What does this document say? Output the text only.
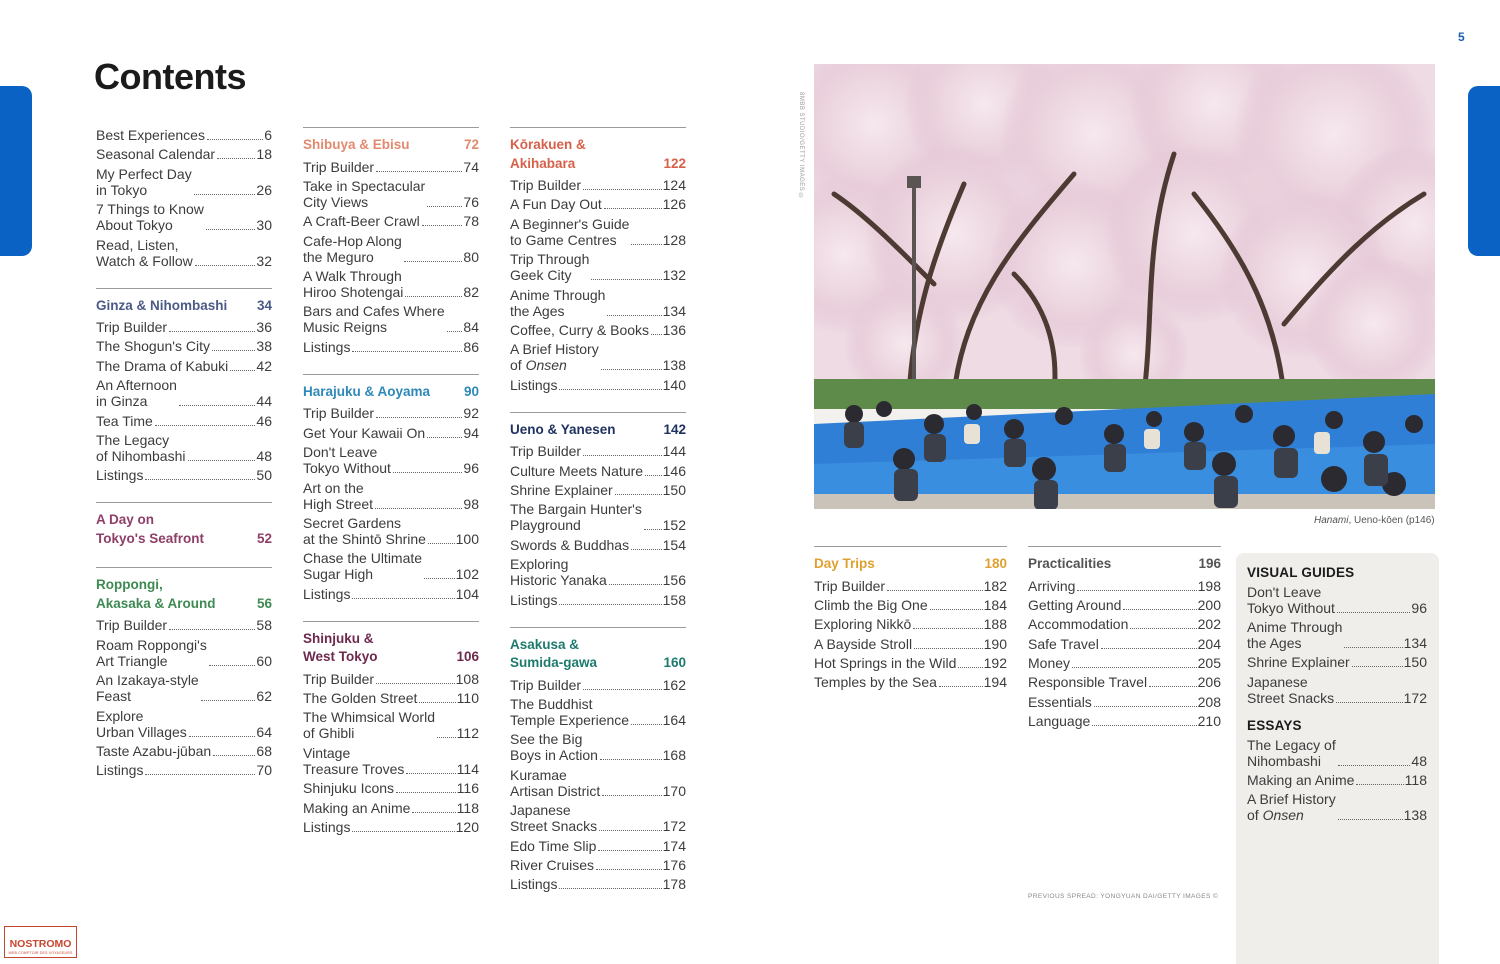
5
Contents
Best Experiences	6
Seasonal Calendar	18
My Perfect Day
in Tokyo	26
7 Things to Know
About Tokyo	30
Read, Listen,
Watch & Follow	32
Ginza & Nihombashi 34
Trip Builder	36
The Shogun's City	38
The Drama of Kabuki 42
An Afternoon
in Ginza	44
Tea Time	46
The Legacy
of Nihombashi	48
Listings	50
A Day on
Tokyo's Seafront	52
Roppongi,
Akasaka & Around	56
Trip Builder	58
Roam Roppongi's
Art Triangle	60
An Izakaya-style
Feast	62
Explore
Urban Villages	64
Taste Azabu-jūban	68
Listings	70
Shibuya & Ebisu	72
Trip Builder	74
Take in Spectacular
City Views	76
A Craft-Beer Crawl	78
Cafe-Hop Along
the Meguro	80
A Walk Through
Hiroo Shotengai	82
Bars and Cafes Where
Music Reigns	84
Listings	86
Harajuku & Aoyama	90
Trip Builder	92
Get Your Kawaii On	94
Don't Leave
Tokyo Without	96
Art on the
High Street	98
Secret Gardens
at the Shintō Shrine 100
Chase the Ultimate
Sugar High	102
Listings	104
Shinjuku &
West Tokyo	106
Trip Builder	108
The Golden Street	110
The Whimsical World
of Ghibli	112
Vintage
Treasure Troves	114
Shinjuku Icons	116
Making an Anime	118
Listings	120
Kōrakuen &
Akihabara	122
Trip Builder	124
A Fun Day Out	126
A Beginner's Guide
to Game Centres	128
Trip Through
Geek City	132
Anime Through
the Ages	134
Coffee, Curry & Books 136
A Brief History
of Onsen	138
Listings	140
Ueno & Yanesen	142
Trip Builder	144
Culture Meets Nature 146
Shrine Explainer	150
The Bargain Hunter's
Playground	152
Swords & Buddhas 154
Exploring
Historic Yanaka	156
Listings	158
Asakusa &
Sumida-gawa	160
Trip Builder	162
The Buddhist
Temple Experience 164
See the Big
Boys in Action	168
Kuramae
Artisan District	170
Japanese
Street Snacks	172
Edo Time Slip	174
River Cruises	176
Listings	178
Day Trips	180
Trip Builder	182
Climb the Big One	184
Exploring Nikkō	188
A Bayside Stroll	190
Hot Springs in the Wild 192
Temples by the Sea	194
Practicalities	196
Arriving	198
Getting Around	200
Accommodation	202
Safe Travel	204
Money	205
Responsible Travel	206
Essentials	208
Language	210
8MBB STUDIO/GETTY IMAGES ©
Hanami, Ueno-kōen (p146)
VISUAL GUIDES
Don't Leave
Tokyo Without	96
Anime Through
the Ages	134
Shrine Explainer	150
Japanese
Street Snacks	172
ESSAYS
The Legacy of
Nihombashi	48
Making an Anime	118
A Brief History
of Onsen	138
PREVIOUS SPREAD: YONGYUAN DAI/GETTY IMAGES ©
NOSTROMO
WEB COMPTOIR DES VOYAGEURS
